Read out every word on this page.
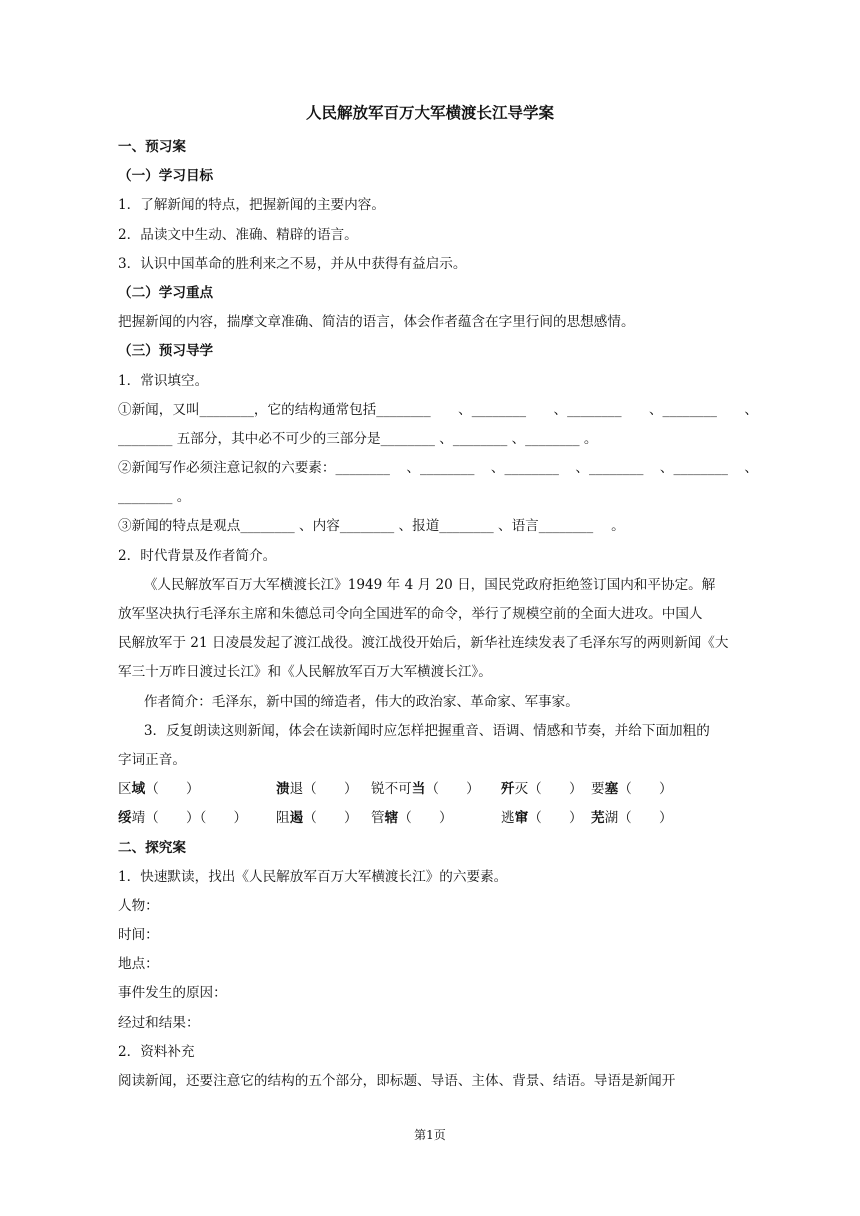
人民解放军百万大军横渡长江导学案
一、预习案
（一）学习目标
1．了解新闻的特点，把握新闻的主要内容。
2．品读文中生动、准确、精辟的语言。
3．认识中国革命的胜利来之不易，并从中获得有益启示。
（二）学习重点
把握新闻的内容，揣摩文章准确、简洁的语言，体会作者蕴含在字里行间的思想感情。
（三）预习导学
1．常识填空。
①新闻，又叫________，它的结构通常包括________ 、________ 、________ 、________ 、
________ 五部分，其中必不可少的三部分是________ 、________ 、________ 。
②新闻写作必须注意记叙的六要素：________ 、________ 、________ 、________ 、________ 、
________ 。
③新闻的特点是观点________ 、内容________ 、报道________ 、语言________　 。
2．时代背景及作者简介。
《人民解放军百万大军横渡长江》1949 年 4 月 20 日，国民党政府拒绝签订国内和平协定。解
放军坚决执行毛泽东主席和朱德总司令向全国进军的命令，举行了规模空前的全面大进攻。中国人
民解放军于 21 日凌晨发起了渡江战役。渡江战役开始后，新华社连续发表了毛泽东写的两则新闻《大
军三十万昨日渡过长江》和《人民解放军百万大军横渡长江》。
作者简介：毛泽东，新中国的缔造者，伟大的政治家、革命家、军事家。
3．反复朗读这则新闻，体会在读新闻时应怎样把握重音、语调、情感和节奏，并给下面加粗的
字词正音。
区域（　　）	溃退（　　） 锐不可当（　　）	歼灭（　　） 要塞（　　）
绥靖（　　）（　　）	阻遏（　　） 管辖（　　）	逃窜（　　） 芜湖（　　）
二、探究案
1．快速默读，找出《人民解放军百万大军横渡长江》的六要素。
人物：
时间：
地点：
事件发生的原因：
经过和结果：
2．资料补充
阅读新闻，还要注意它的结构的五个部分，即标题、导语、主体、背景、结语。导语是新闻开
第1页
